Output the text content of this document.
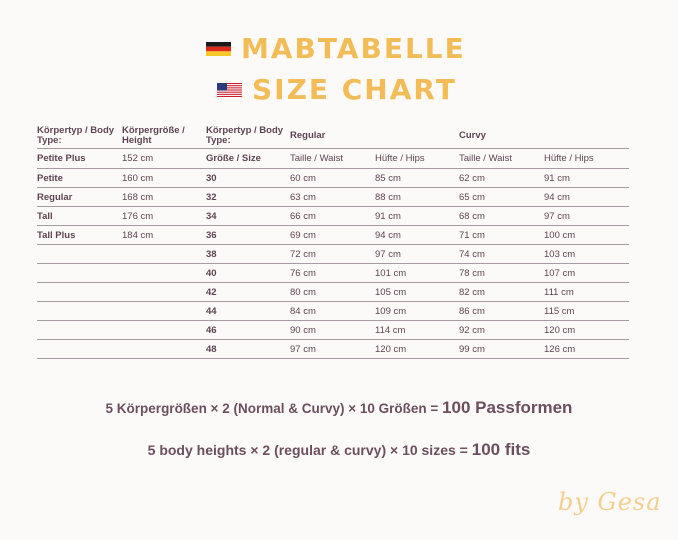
MABTABELLE
SIZE CHART
Körpertyp / Body Type:	Körpergröße / Height	Körpertyp / Body Type:	Regular		Curvy	
Petite Plus	152 cm	Größe / Size	Taille / Waist	Hüfte / Hips	Taille / Waist	Hüfte / Hips
Petite	160 cm	30	60 cm	85 cm	62 cm	91 cm
Regular	168 cm	32	63 cm	88 cm	65 cm	94 cm
Tall	176 cm	34	66 cm	91 cm	68 cm	97 cm
Tall Plus	184 cm	36	69 cm	94 cm	71 cm	100 cm
		38	72 cm	97 cm	74 cm	103 cm
		40	76 cm	101 cm	78 cm	107 cm
		42	80 cm	105 cm	82 cm	111 cm
		44	84 cm	109 cm	86 cm	115 cm
		46	90 cm	114 cm	92 cm	120 cm
		48	97 cm	120 cm	99 cm	126 cm
5 Körpergrößen × 2 (Normal & Curvy) × 10 Größen = 100 Passformen
5 body heights × 2 (regular & curvy) × 10 sizes = 100 fits
by Gesa
